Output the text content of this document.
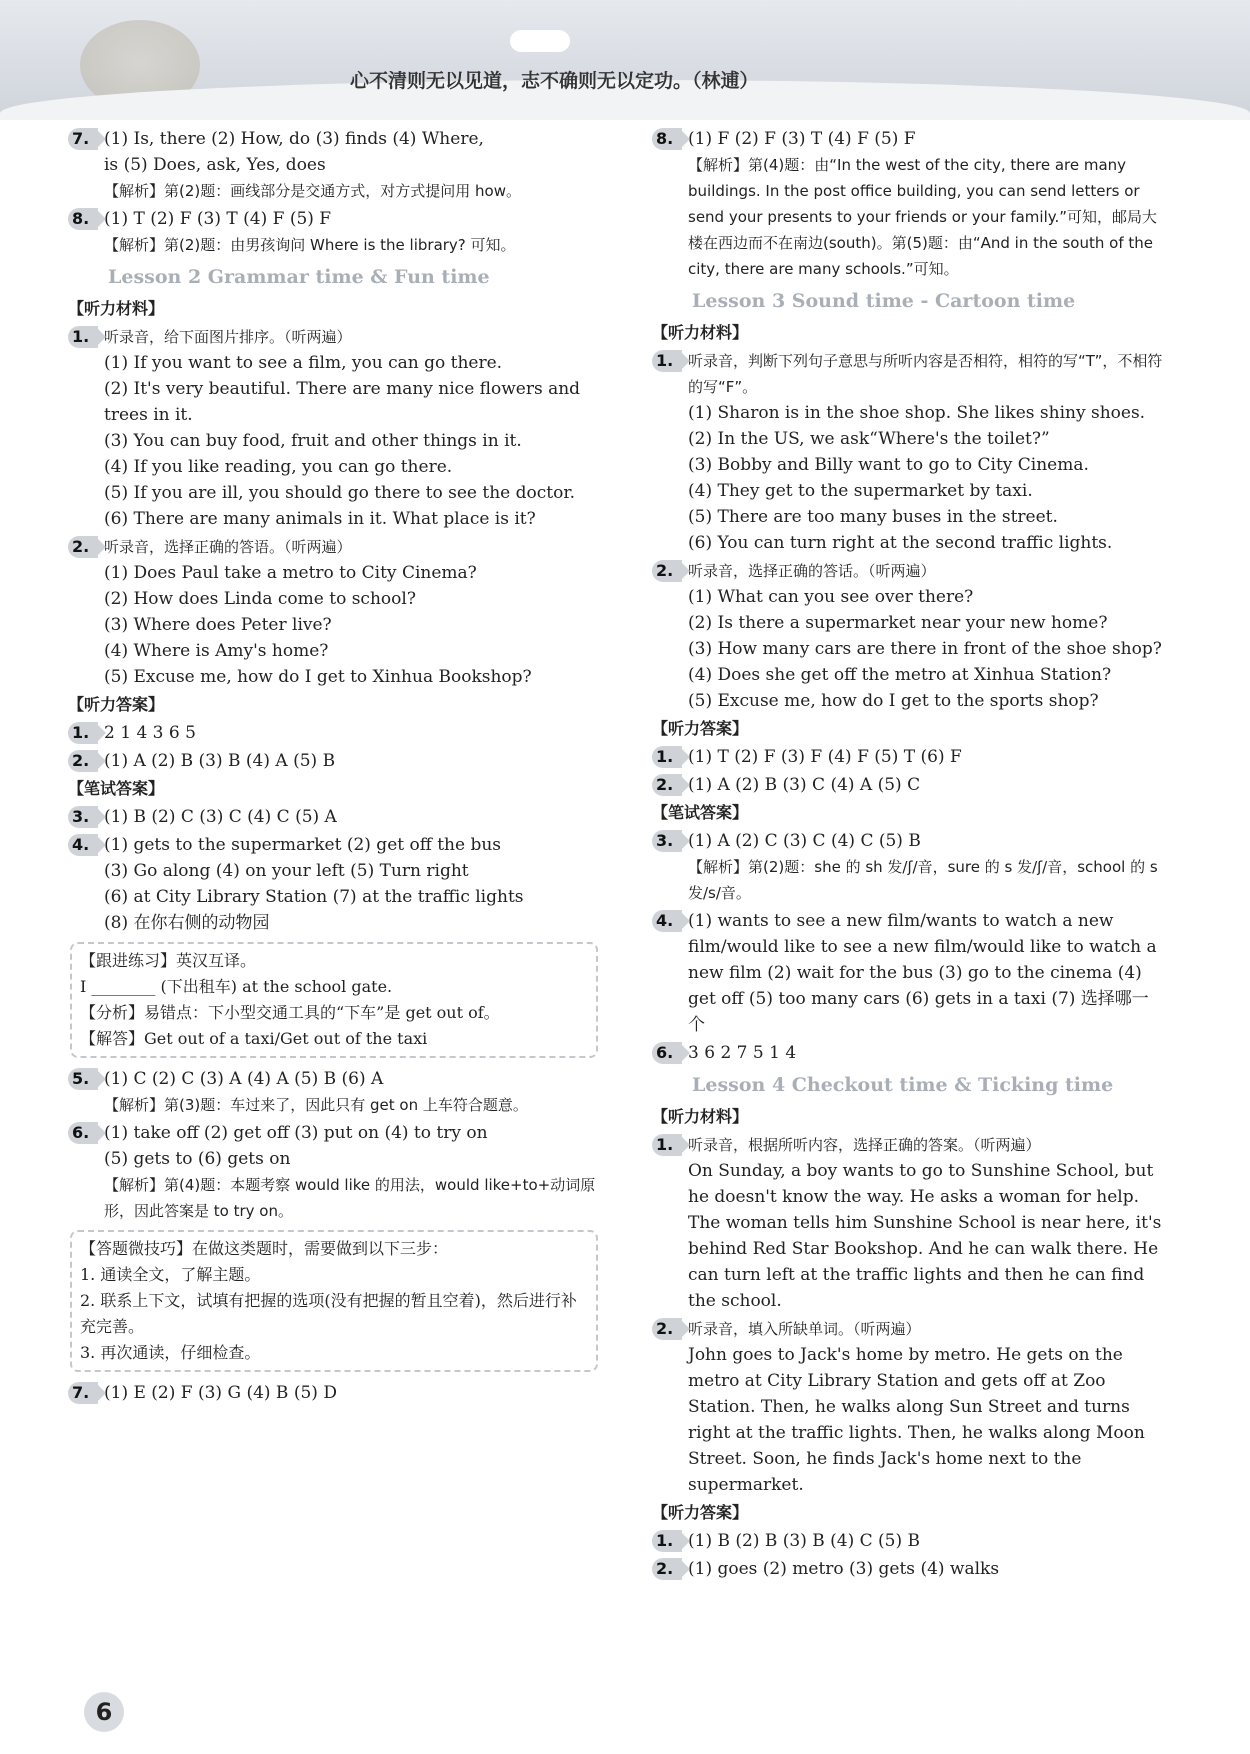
心不清则无以见道，志不确则无以定功。（林逋）
7. (1) Is, there (2) How, do (3) finds (4) Where,
is (5) Does, ask, Yes, does
【解析】第(2)题：画线部分是交通方式，对方式提问用 how。
8. (1) T (2) F (3) T (4) F (5) F
【解析】第(2)题：由男孩询问 Where is the library? 可知。
Lesson 2 Grammar time & Fun time
【听力材料】
1. 听录音，给下面图片排序。（听两遍）
(1) If you want to see a film, you can go there.
(2) It's very beautiful. There are many nice flowers and trees in it.
(3) You can buy food, fruit and other things in it.
(4) If you like reading, you can go there.
(5) If you are ill, you should go there to see the doctor.
(6) There are many animals in it. What place is it?
2. 听录音，选择正确的答语。（听两遍）
(1) Does Paul take a metro to City Cinema?
(2) How does Linda come to school?
(3) Where does Peter live?
(4) Where is Amy's home?
(5) Excuse me, how do I get to Xinhua Bookshop?
【听力答案】
1. 2 1 4 3 6 5
2. (1) A (2) B (3) B (4) A (5) B
【笔试答案】
3. (1) B (2) C (3) C (4) C (5) A
4. (1) gets to the supermarket (2) get off the bus
(3) Go along (4) on your left (5) Turn right
(6) at City Library Station (7) at the traffic lights
(8) 在你右侧的动物园
【跟进练习】英汉互译。
I ________ (下出租车) at the school gate.
【分析】易错点：下小型交通工具的“下车”是 get out of。
【解答】Get out of a taxi/Get out of the taxi
5. (1) C (2) C (3) A (4) A (5) B (6) A
【解析】第(3)题：车过来了，因此只有 get on 上车符合题意。
6. (1) take off (2) get off (3) put on (4) to try on
(5) gets to (6) gets on
【解析】第(4)题：本题考察 would like 的用法，would like+to+动词原形，因此答案是 to try on。
【答题微技巧】在做这类题时，需要做到以下三步：
1. 通读全文，了解主题。
2. 联系上下文，试填有把握的选项(没有把握的暂且空着)，然后进行补充完善。
3. 再次通读，仔细检查。
7. (1) E (2) F (3) G (4) B (5) D
8. (1) F (2) F (3) T (4) F (5) F
【解析】第(4)题：由“In the west of the city, there are many buildings. In the post office building, you can send letters or send your presents to your friends or your family.”可知，邮局大楼在西边而不在南边(south)。第(5)题：由“And in the south of the city, there are many schools.”可知。
Lesson 3 Sound time - Cartoon time
【听力材料】
1. 听录音，判断下列句子意思与所听内容是否相符，相符的写“T”，不相符的写“F”。
(1) Sharon is in the shoe shop. She likes shiny shoes.
(2) In the US, we ask“Where's the toilet?”
(3) Bobby and Billy want to go to City Cinema.
(4) They get to the supermarket by taxi.
(5) There are too many buses in the street.
(6) You can turn right at the second traffic lights.
2. 听录音，选择正确的答话。（听两遍）
(1) What can you see over there?
(2) Is there a supermarket near your new home?
(3) How many cars are there in front of the shoe shop?
(4) Does she get off the metro at Xinhua Station?
(5) Excuse me, how do I get to the sports shop?
【听力答案】
1. (1) T (2) F (3) F (4) F (5) T (6) F
2. (1) A (2) B (3) C (4) A (5) C
【笔试答案】
3. (1) A (2) C (3) C (4) C (5) B
【解析】第(2)题：she 的 sh 发/ʃ/音，sure 的 s 发/ʃ/音，school 的 s 发/s/音。
4. (1) wants to see a new film/wants to watch a new film/would like to see a new film/would like to watch a new film (2) wait for the bus (3) go to the cinema (4) get off (5) too many cars (6) gets in a taxi (7) 选择哪一个
6. 3 6 2 7 5 1 4
Lesson 4 Checkout time & Ticking time
【听力材料】
1. 听录音，根据所听内容，选择正确的答案。（听两遍）
On Sunday, a boy wants to go to Sunshine School, but he doesn't know the way. He asks a woman for help. The woman tells him Sunshine School is near here, it's behind Red Star Bookshop. And he can walk there. He can turn left at the traffic lights and then he can find the school.
2. 听录音，填入所缺单词。（听两遍）
John goes to Jack's home by metro. He gets on the metro at City Library Station and gets off at Zoo Station. Then, he walks along Sun Street and turns right at the traffic lights. Then, he walks along Moon Street. Soon, he finds Jack's home next to the supermarket.
【听力答案】
1. (1) B (2) B (3) B (4) C (5) B
2. (1) goes (2) metro (3) gets (4) walks
6
